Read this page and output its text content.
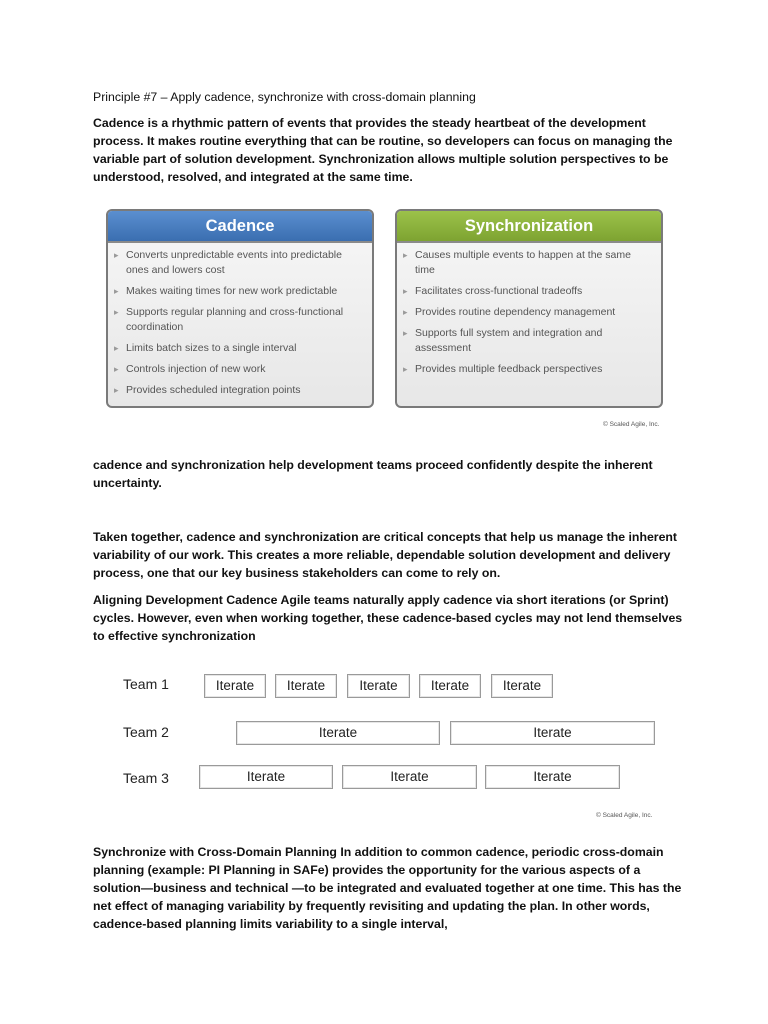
Principle #7 – Apply cadence, synchronize with cross-domain planning

Cadence is a rhythmic pattern of events that provides the steady heartbeat of the development process. It makes routine everything that can be routine, so developers can focus on managing the variable part of solution development. Synchronization allows multiple solution perspectives to be understood, resolved, and integrated at the same time.

Cadence
▸ Converts unpredictable events into predictable ones and lowers cost
▸ Makes waiting times for new work predictable
▸ Supports regular planning and cross-functional coordination
▸ Limits batch sizes to a single interval
▸ Controls injection of new work
▸ Provides scheduled integration points
Synchronization
▸ Causes multiple events to happen at the same time
▸ Facilitates cross-functional tradeoffs
▸ Provides routine dependency management
▸ Supports full system and integration and assessment
▸ Provides multiple feedback perspectives
© Scaled Agile, Inc.

cadence and synchronization help development teams proceed confidently despite the inherent uncertainty.

Taken together, cadence and synchronization are critical concepts that help us manage the inherent variability of our work. This creates a more reliable, dependable solution development and delivery process, one that our key business stakeholders can come to rely on.

Aligning Development Cadence Agile teams naturally apply cadence via short iterations (or Sprint) cycles. However, even when working together, these cadence-based cycles may not lend themselves to effective synchronization

Team 1	Iterate	Iterate	Iterate	Iterate	Iterate
Team 2	Iterate	Iterate
Team 3	Iterate	Iterate	Iterate
© Scaled Agile, Inc.

Synchronize with Cross-Domain Planning In addition to common cadence, periodic cross-domain planning (example: PI Planning in SAFe) provides the opportunity for the various aspects of a solution—business and technical —to be integrated and evaluated together at one time. This has the net effect of managing variability by frequently revisiting and updating the plan. In other words, cadence-based planning limits variability to a single interval,
